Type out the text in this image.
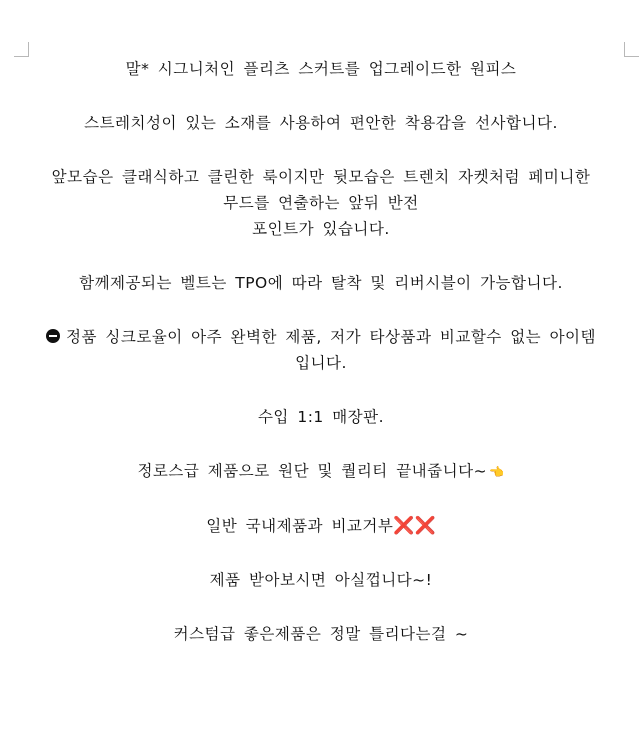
말* 시그니처인 플리츠 스커트를 업그레이드한 원피스

스트레치성이 있는 소재를 사용하여 편안한 착용감을 선사합니다.

앞모습은 클래식하고 클린한 룩이지만 뒷모습은 트렌치 자켓처럼 페미니한
무드를 연출하는 앞뒤 반전
포인트가 있습니다.

함께제공되는 벨트는 TPO에 따라 탈착 및 리버시블이 가능합니다.

정품 싱크로율이 아주 완벽한 제품, 저가 타상품과 비교할수 없는 아이템
입니다.

수입 1:1 매장판.

정로스급 제품으로 원단 및 퀄리티 끝내줍니다~ 👈

일반 국내제품과 비교거부❌❌

제품 받아보시면 아실껍니다~!

커스텀급 좋은제품은 정말 틀리다는걸 ~
